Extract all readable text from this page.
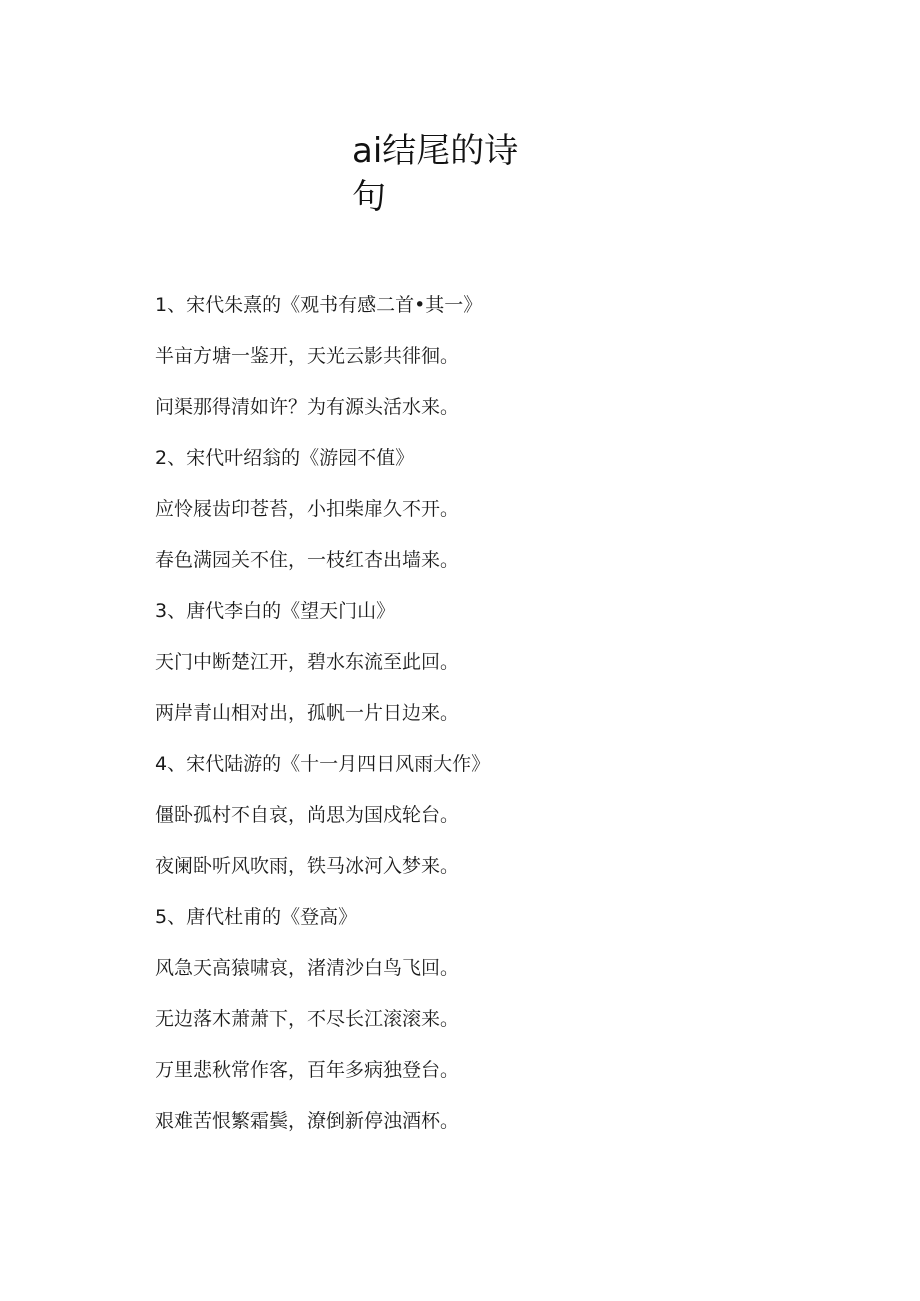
ai结尾的诗句
1、宋代朱熹的《观书有感二首•其一》
半亩方塘一鉴开，天光云影共徘徊。
问渠那得清如许？为有源头活水来。
2、宋代叶绍翁的《游园不值》
应怜屐齿印苍苔，小扣柴扉久不开。
春色满园关不住，一枝红杏出墙来。
3、唐代李白的《望天门山》
天门中断楚江开，碧水东流至此回。
两岸青山相对出，孤帆一片日边来。
4、宋代陆游的《十一月四日风雨大作》
僵卧孤村不自哀，尚思为国戍轮台。
夜阑卧听风吹雨，铁马冰河入梦来。
5、唐代杜甫的《登高》
风急天高猿啸哀，渚清沙白鸟飞回。
无边落木萧萧下，不尽长江滚滚来。
万里悲秋常作客，百年多病独登台。
艰难苦恨繁霜鬓，潦倒新停浊酒杯。
